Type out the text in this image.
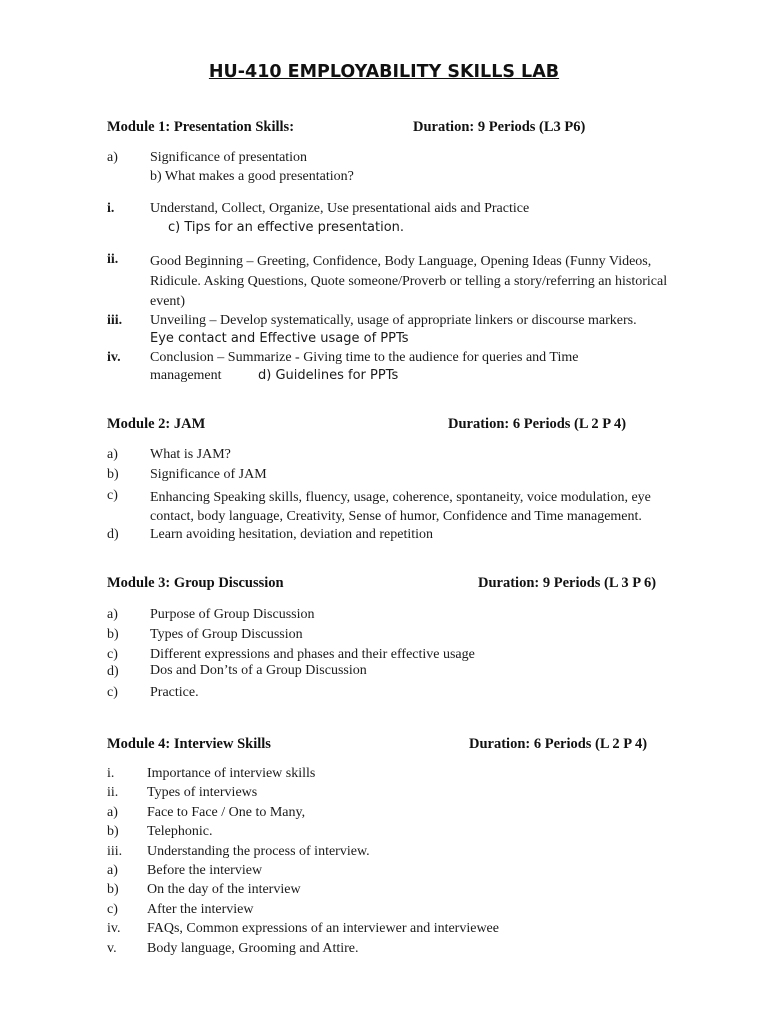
HU-410 EMPLOYABILITY SKILLS LAB
Module 1: Presentation Skills:	Duration: 9 Periods (L3 P6)
a) Significance of presentation
b) What makes a good presentation?
i.	Understand, Collect, Organize, Use presentational aids and Practice
c) Tips for an effective presentation.
ii. Good Beginning – Greeting, Confidence, Body Language, Opening Ideas (Funny Videos, Ridicule. Asking Questions, Quote someone/Proverb or telling a story/referring an historical event)
iii. Unveiling – Develop systematically, usage of appropriate linkers or discourse markers.
Eye contact and Effective usage of PPTs
iv. Conclusion – Summarize - Giving time to the audience for queries and Time
management	d) Guidelines for PPTs
Module 2: JAM	Duration: 6 Periods (L 2 P 4)
a) What is JAM?
b) Significance of JAM
c) Enhancing Speaking skills, fluency, usage, coherence, spontaneity, voice modulation, eye contact, body language, Creativity, Sense of humor, Confidence and Time management.
d) Learn avoiding hesitation, deviation and repetition
Module 3: Group Discussion	Duration: 9 Periods (L 3 P 6)
a) Purpose of Group Discussion
b) Types of Group Discussion
c) Different expressions and phases and their effective usage
d) Dos and Don’ts of a Group Discussion
c) Practice.
Module 4: Interview Skills	Duration: 6 Periods (L 2 P 4)
i. Importance of interview skills
ii. Types of interviews
a) Face to Face / One to Many,
b) Telephonic.
iii. Understanding the process of interview.
a) Before the interview
b) On the day of the interview
c) After the interview
iv. FAQs, Common expressions of an interviewer and interviewee
v. Body language, Grooming and Attire.
